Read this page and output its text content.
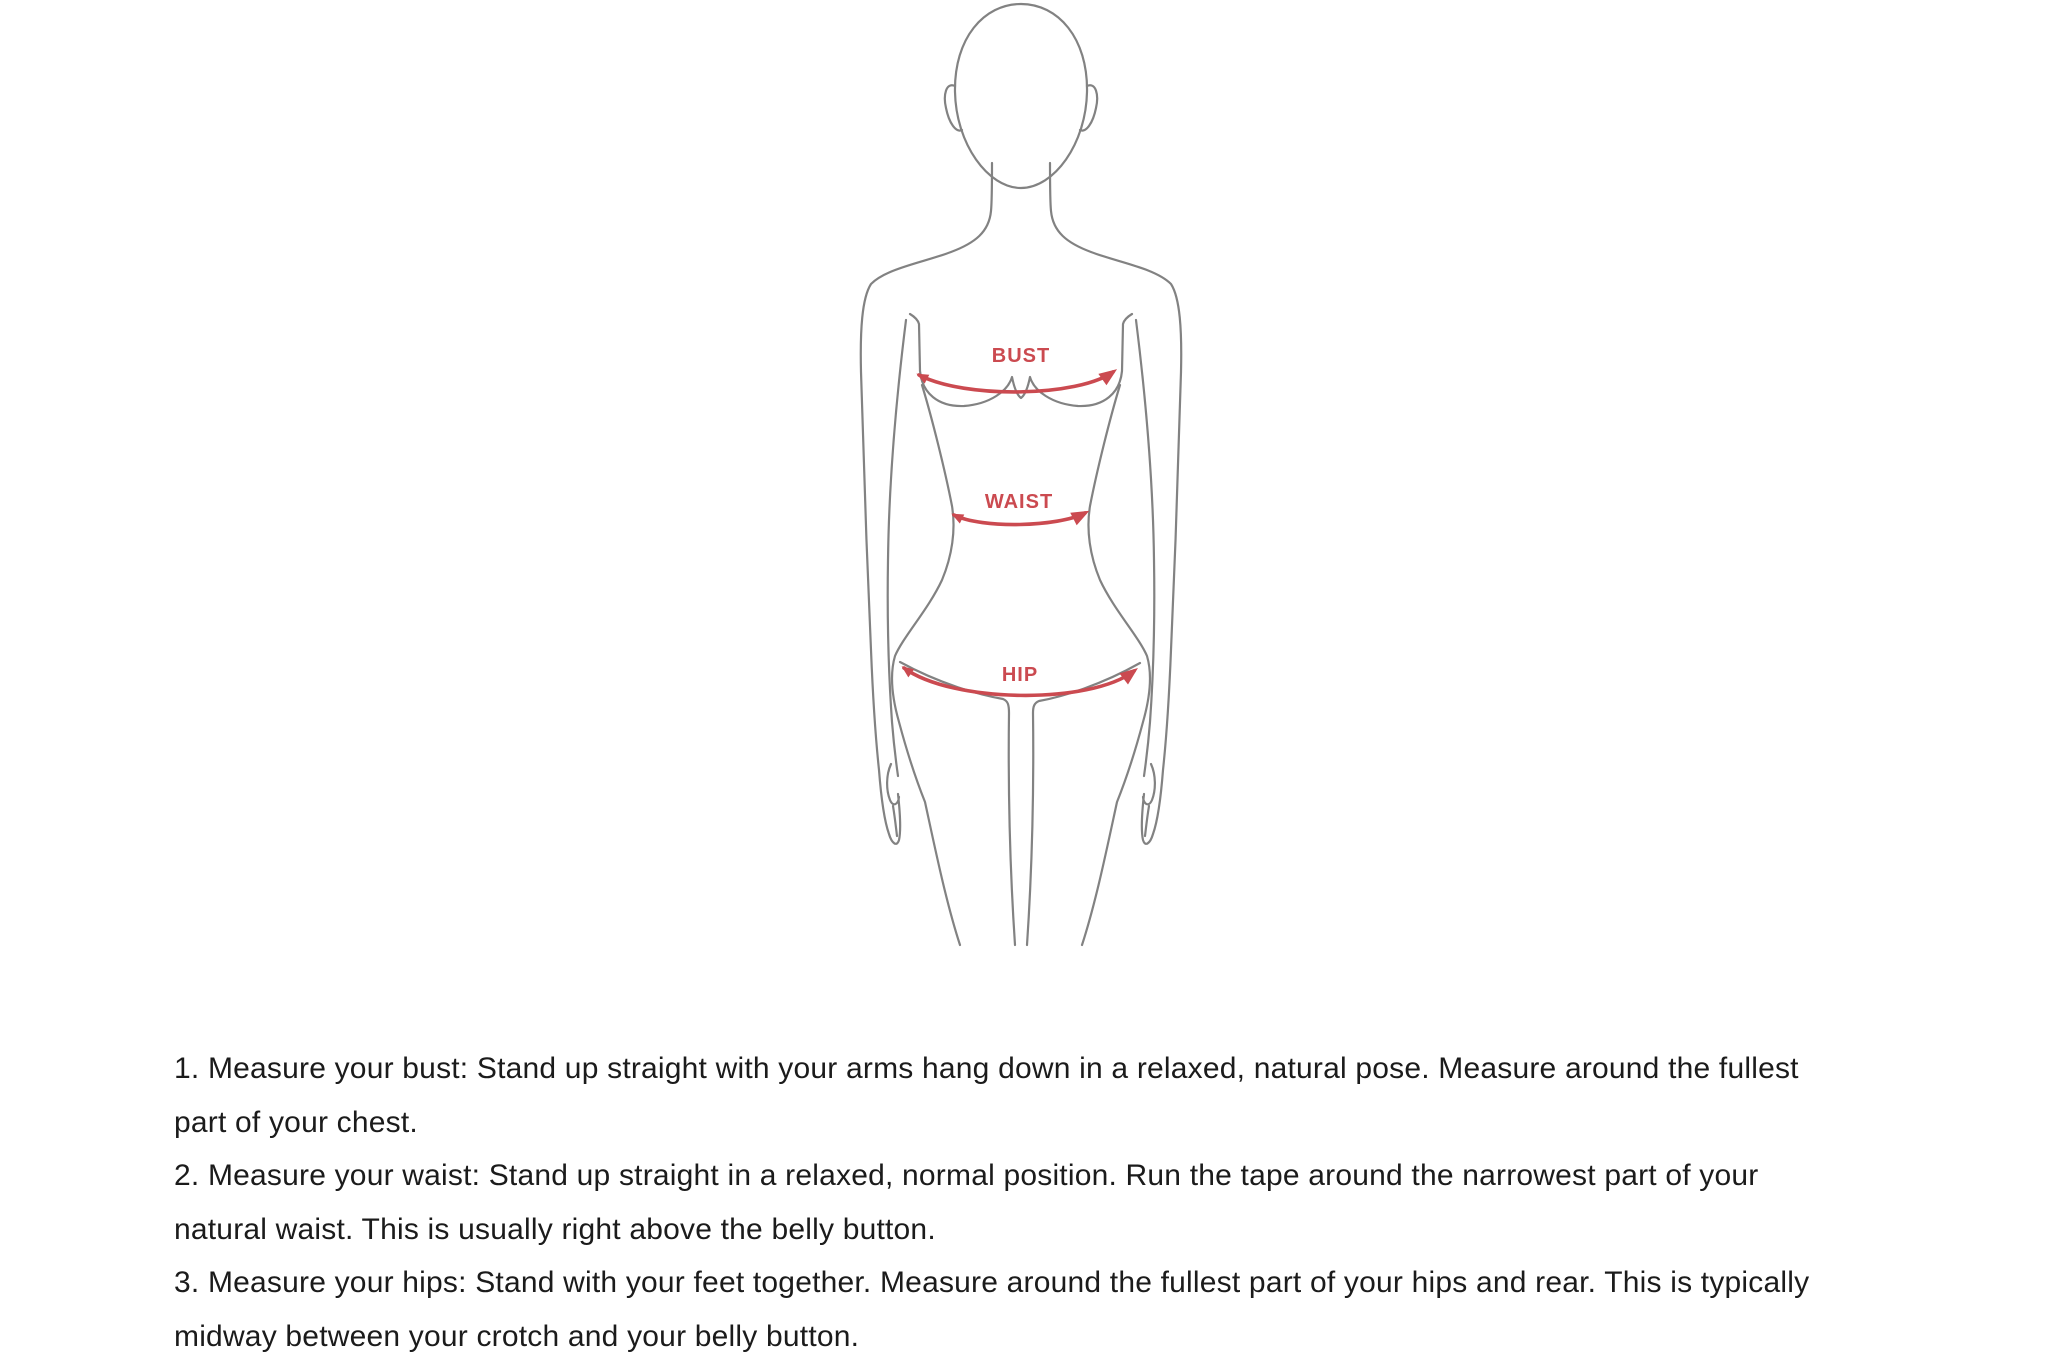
BUST
WAIST
HIP
1. Measure your bust: Stand up straight with your arms hang down in a relaxed, natural pose. Measure around the fullest
part of your chest.
2. Measure your waist: Stand up straight in a relaxed, normal position. Run the tape around the narrowest part of your
natural waist. This is usually right above the belly button.
3. Measure your hips: Stand with your feet together. Measure around the fullest part of your hips and rear. This is typically
midway between your crotch and your belly button.
